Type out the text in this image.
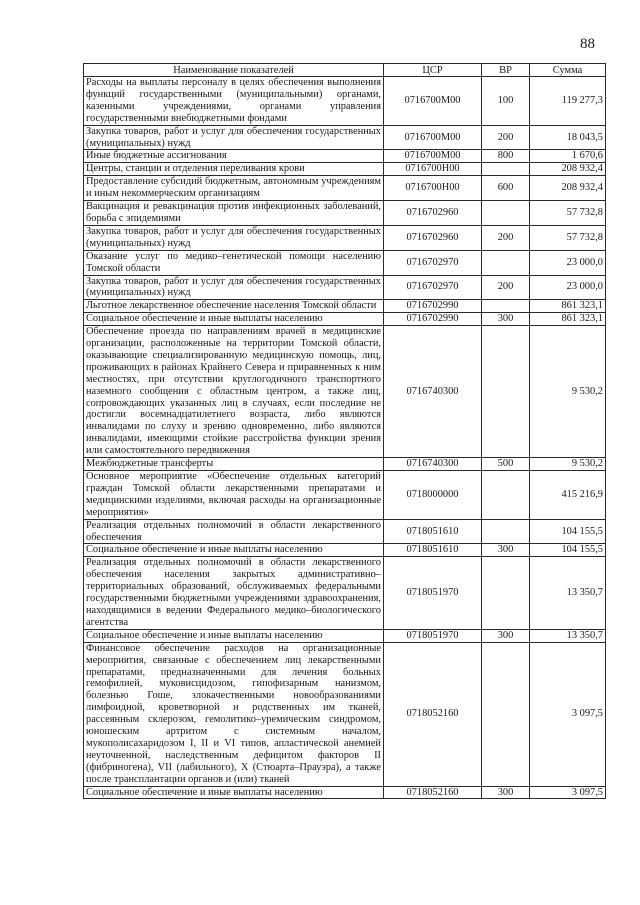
88
Наименование показателей	ЦСР	ВР	Сумма
Расходы на выплаты персоналу в целях обеспечения выполнения функций государственными (муниципальными) органами, казенными учреждениями, органами управления государственными внебюджетными фондами	0716700М00	100	119 277,3
Закупка товаров, работ и услуг для обеспечения государственных (муниципальных) нужд	0716700М00	200	18 043,5
Иные бюджетные ассигнования	0716700М00	800	1 670,6
Центры, станции и отделения переливания крови	0716700Н00		208 932,4
Предоставление субсидий бюджетным, автономным учреждениям и иным некоммерческим организациям	0716700Н00	600	208 932,4
Вакцинация и ревакцинация против инфекционных заболеваний, борьба с эпидемиями	0716702960		57 732,8
Закупка товаров, работ и услуг для обеспечения государственных (муниципальных) нужд	0716702960	200	57 732,8
Оказание услуг по медико–генетической помощи населению Томской области	0716702970		23 000,0
Закупка товаров, работ и услуг для обеспечения государственных (муниципальных) нужд	0716702970	200	23 000,0
Льготное лекарственное обеспечение населения Томской области	0716702990		861 323,1
Социальное обеспечение и иные выплаты населению	0716702990	300	861 323,1
Обеспечение проезда по направлениям врачей в медицинские организации, расположенные на территории Томской области, оказывающие специализированную медицинскую помощь, лиц, проживающих в районах Крайнего Севера и приравненных к ним местностях, при отсутствии круглогодичного транспортного наземного сообщения с областным центром, а также лиц, сопровождающих указанных лиц в случаях, если последние не достигли восемнадцатилетнего возраста, либо являются инвалидами по слуху и зрению одновременно, либо являются инвалидами, имеющими стойкие расстройства функции зрения или самостоятельного передвижения	0716740300		9 530,2
Межбюджетные трансферты	0716740300	500	9 530,2
Основное мероприятие «Обеспечение отдельных категорий граждан Томской области лекарственными препаратами и медицинскими изделиями, включая расходы на организационные мероприятия»	0718000000		415 216,9
Реализация отдельных полномочий в области лекарственного обеспечения	0718051610		104 155,5
Социальное обеспечение и иные выплаты населению	0718051610	300	104 155,5
Реализация отдельных полномочий в области лекарственного обеспечения населения закрытых административно–территориальных образований, обслуживаемых федеральными государственными бюджетными учреждениями здравоохранения, находящимися в ведении Федерального медико–биологического агентства	0718051970		13 350,7
Социальное обеспечение и иные выплаты населению	0718051970	300	13 350,7
Финансовое обеспечение расходов на организационные мероприятия, связанные с обеспечением лиц лекарственными препаратами, предназначенными для лечения больных гемофилией, муковисцидозом, гипофизарным нанизмом, болезнью Гоше, злокачественными новообразованиями лимфоидной, кроветворной и родственных им тканей, рассеянным склерозом, гемолитико–уремическим синдромом, юношеским артритом с системным началом, мукополисахаридозом I, II и VI типов, апластической анемией неуточненной, наследственным дефицитом факторов II (фибриногена), VII (лабильного), X (Стюарта–Прауэра), а также после трансплантации органов и (или) тканей	0718052160		3 097,5
Социальное обеспечение и иные выплаты населению	0718052160	300	3 097,5
